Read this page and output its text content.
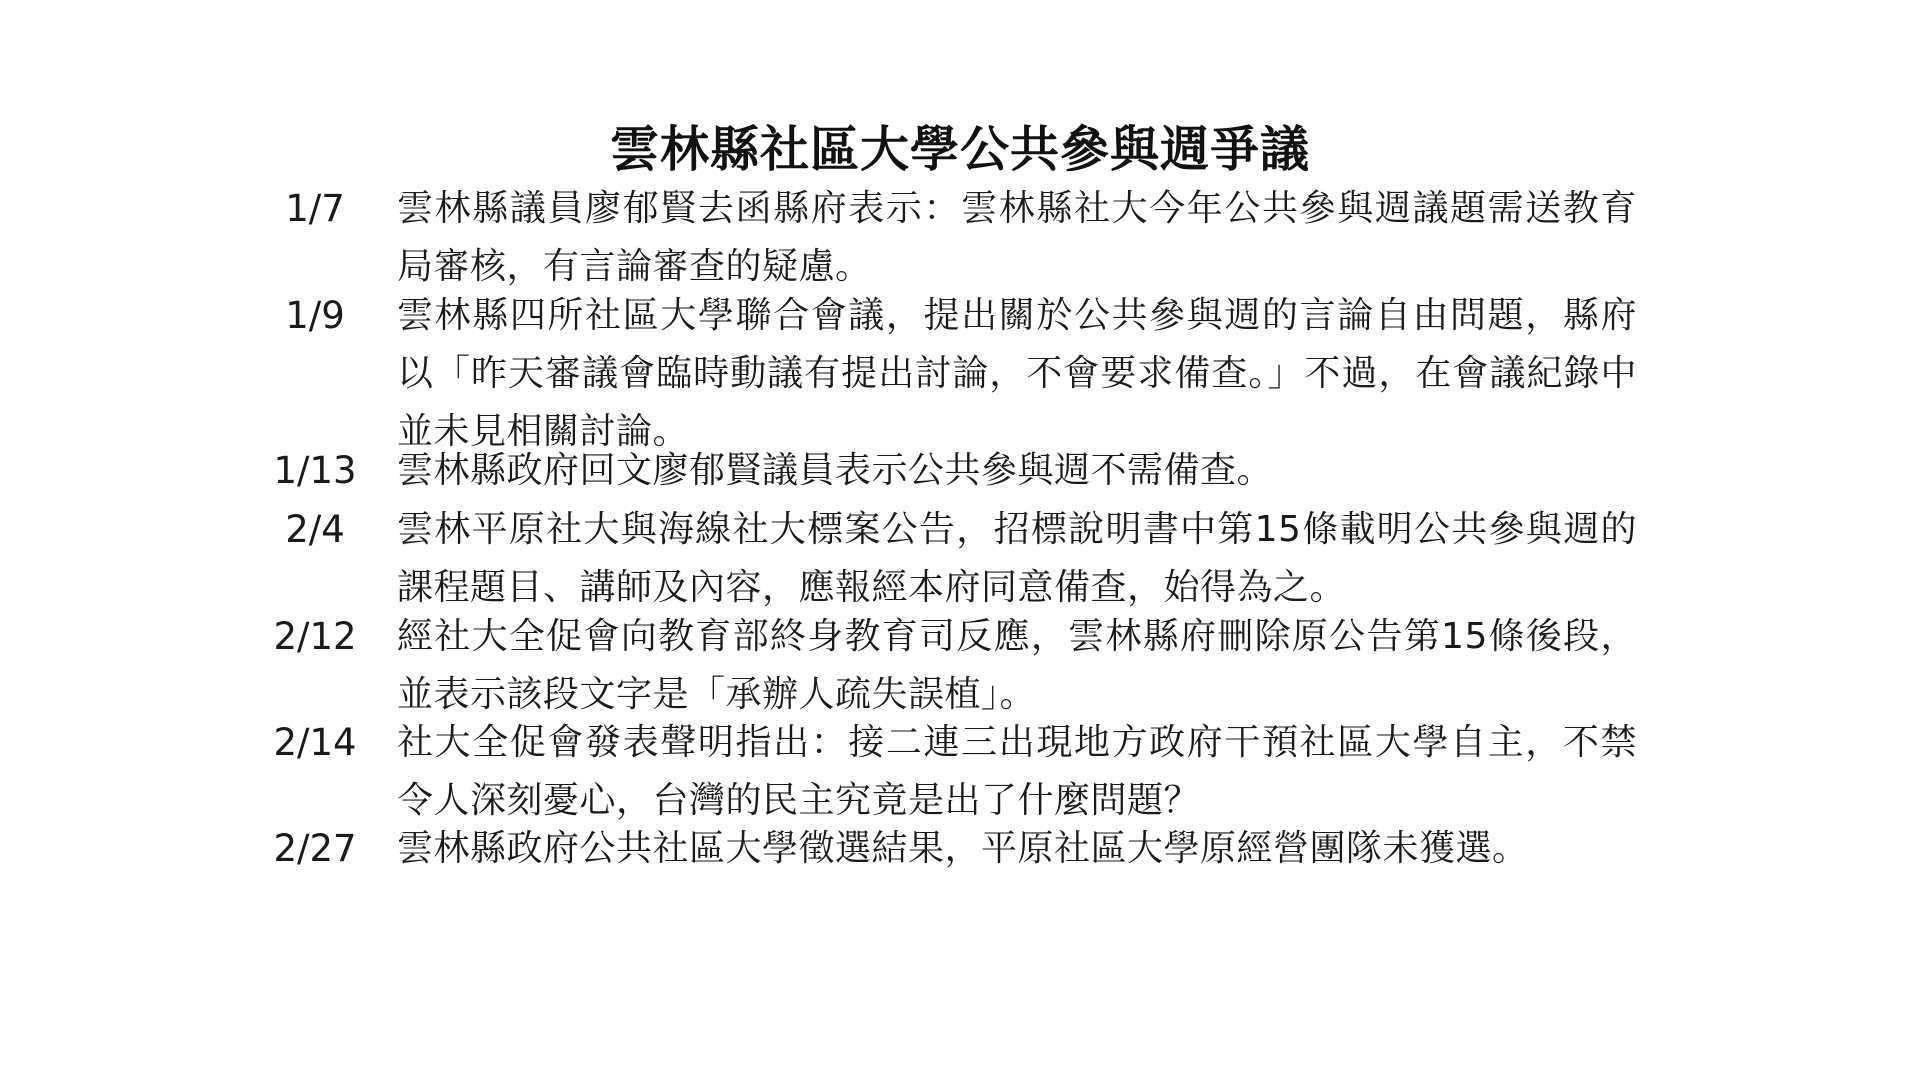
雲林縣社區大學公共參與週爭議
1/7	雲林縣議員廖郁賢去函縣府表示：雲林縣社大今年公共參與週議題需送教育局審核，有言論審查的疑慮。
1/9	雲林縣四所社區大學聯合會議，提出關於公共參與週的言論自由問題，縣府以「昨天審議會臨時動議有提出討論，不會要求備查。」不過，在會議紀錄中並未見相關討論。
1/13 雲林縣政府回文廖郁賢議員表示公共參與週不需備查。
2/4	雲林平原社大與海線社大標案公告，招標說明書中第15條載明公共參與週的課程題目、講師及內容，應報經本府同意備查，始得為之。
2/12 經社大全促會向教育部終身教育司反應，雲林縣府刪除原公告第15條後段，並表示該段文字是「承辦人疏失誤植」。
2/14 社大全促會發表聲明指出：接二連三出現地方政府干預社區大學自主，不禁令人深刻憂心，台灣的民主究竟是出了什麼問題？
2/27 雲林縣政府公共社區大學徵選結果，平原社區大學原經營團隊未獲選。
